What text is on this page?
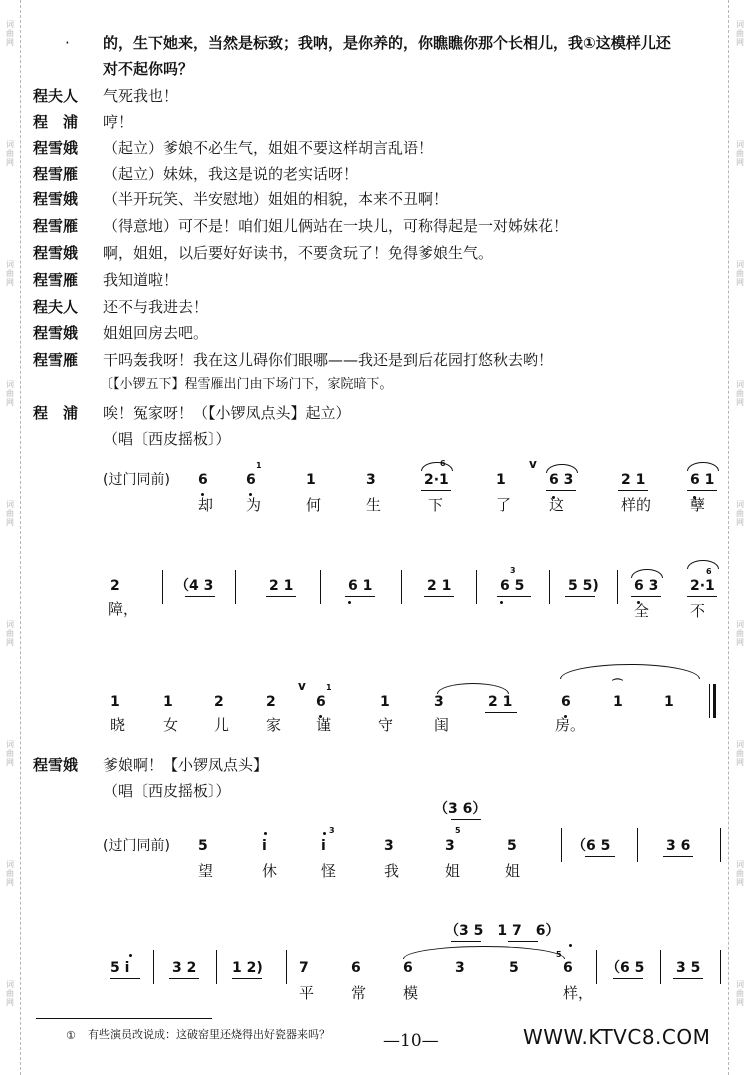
词
曲
网
词
曲
网
词
曲
网
词
曲
网
词
曲
网
词
曲
网
词
曲
网
词
曲
网
词
曲
网
词
曲
网
词
曲
网
词
曲
网
词
曲
网
词
曲
网
词
曲
网
词
曲
网
词
曲
网
词
曲
网
· 的，生下她来，当然是标致；我呐，是你养的，你瞧瞧你那个长相儿，我①这模样儿还
对不起你吗？
程夫人 气死我也！
程　浦 哼！
程雪娥 （起立）爹娘不必生气，姐姐不要这样胡言乱语！
程雪雁 （起立）妹妹，我这是说的老实话呀！
程雪娥 （半开玩笑、半安慰地）姐姐的相貌，本来不丑啊！
程雪雁 （得意地）可不是！咱们姐儿俩站在一块儿，可称得起是一对姊妹花！
程雪娥 啊，姐姐，以后要好好读书，不要贪玩了！免得爹娘生气。
程雪雁 我知道啦！
程夫人 还不与我进去！
程雪娥 姐姐回房去吧。
程雪雁 干吗轰我呀！我在这儿碍你们眼哪——我还是到后花园打悠秋去哟！
〔【小锣五下】程雪雁出门由下场门下，家院暗下。
程　浦 唉！冤家呀！（【小锣凤点头】起立）
（唱〔西皮摇板〕）
(过门同前) 6	6
1
1	3	2·1
6
1
v
6 3	2 1	6 1
却 为	何	生	下	了	这	样的	孽
2	（4 3	2 1	6 1	2 1	6 5
3
5 5)	6 3 2·1
6
障，	全	不
1	1	2	2
v
6
1
1	3	2 1	6
⌒
1	1
晓	女 儿 家 谨	守	闺	房。
程雪娥 爹娘啊！【小锣凤点头】
（唱〔西皮摇板〕）
（3 6）
(过门同前) 5	i	i
3
3	3
5
5	（6 5	3 6
望	休	怪	我	姐	姐
（3 5　1 7　6）
5 i	3 2	1 2)	7	6	6	3	5	6
5
（6 5 3 5
平 常 模	样，
① 有些演员改说成：这破窑里还烧得出好瓷器来吗？	—10—	WWW.KTVC8.COM
